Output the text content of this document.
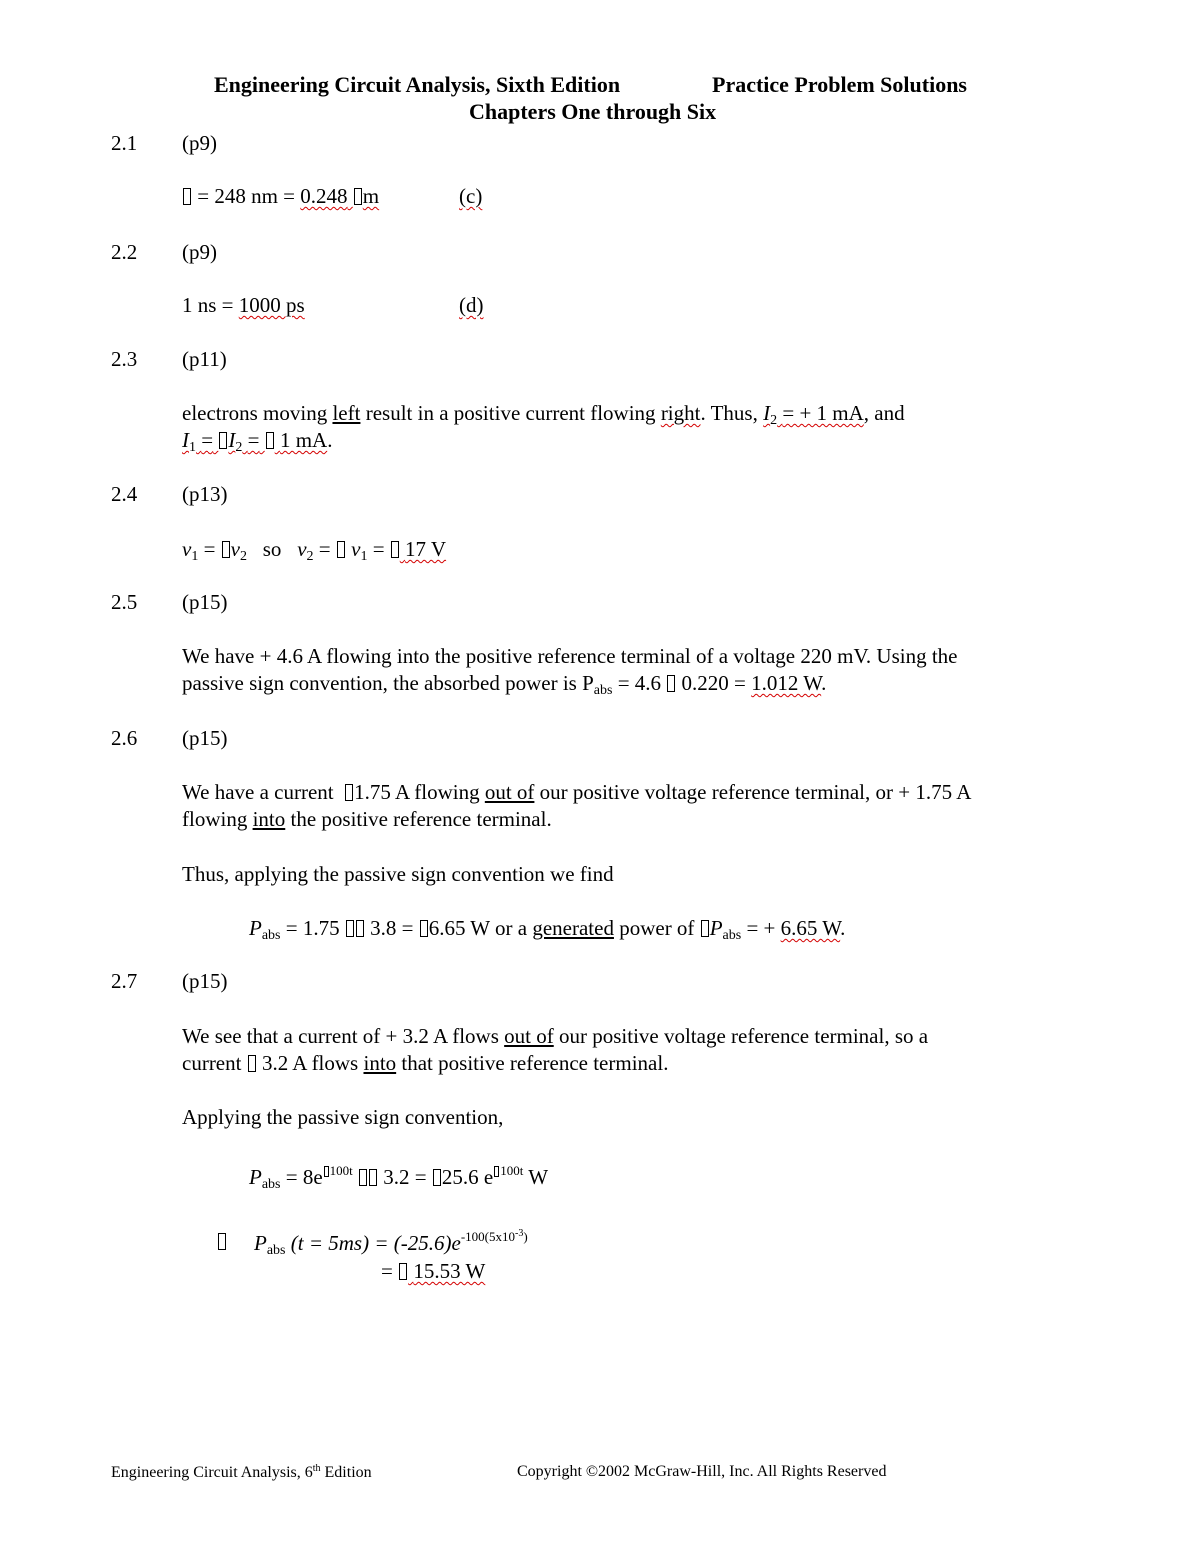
Engineering Circuit Analysis, Sixth Edition	Practice Problem Solutions
Chapters One through Six
2.1 (p9)
= 248 nm = 0.248 m	(c)
2.2 (p9)
1 ns = 1000 ps	(d)
2.3 (p11)
electrons moving left result in a positive current flowing right. Thus, $I_2$ = + 1 mA, and
$I_1 = I_2 = 1$ mA.
2.4 (p13)
$v_1 = v_2$ so $v_2 = v_1 = 17$ V
2.5 (p15)
We have + 4.6 A flowing into the positive reference terminal of a voltage 220 mV. Using the
passive sign convention, the absorbed power is $P_{abs} = 4.6$ 0.220 = 1.012 W.
2.6 (p15)
We have a current 1.75 A flowing out of our positive voltage reference terminal, or + 1.75 A
flowing into the positive reference terminal.
Thus, applying the passive sign convention we find
$P_{abs} = 1.75$ 3.8 = 6.65 W or a generated power of $P_{abs}$ = + 6.65 W.
2.7 (p15)
We see that a current of + 3.2 A flows out of our positive voltage reference terminal, so a
current 3.2 A flows into that positive reference terminal.
Applying the passive sign convention,
$P_{abs} = 8e$ $^{100t}$ 3.2 = 25.6 e $^{100t}$ W
$P_{abs}$ $(t = 5ms) = (-25.6)e^{-100(5x10^{-3})}$
= 15.53 W
Engineering Circuit Analysis, 6th Edition	Copyright ©2002 McGraw-Hill, Inc. All Rights Reserved
